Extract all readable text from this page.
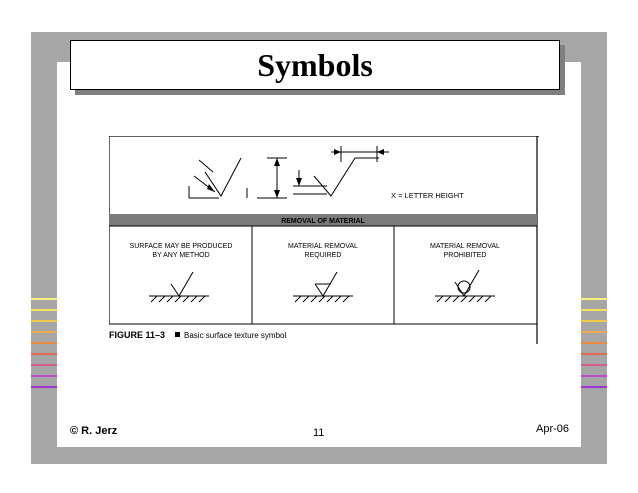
Symbols
X = LETTER HEIGHT
REMOVAL OF MATERIAL
SURFACE MAY BE PRODUCED
BY ANY METHOD
MATERIAL REMOVAL
REQUIRED
MATERIAL REMOVAL
PROHIBITED
FIGURE 11–3 Basic surface texture symbol
© R. Jerz	11	Apr-06
